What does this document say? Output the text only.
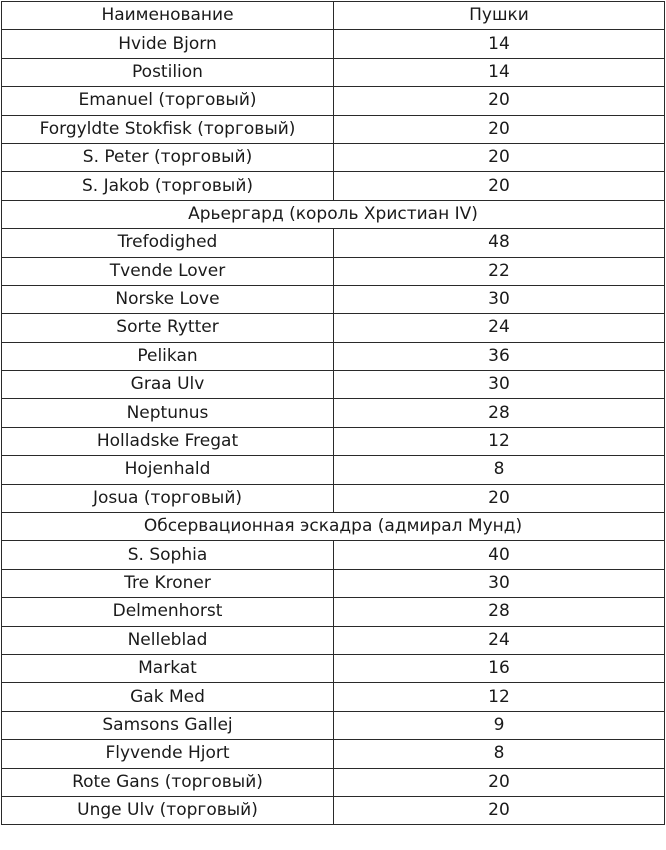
Наименование	Пушки
Hvide Bjorn	14
Postilion	14
Emanuel (торговый)	20
Forgyldte Stokfisk (торговый)	20
S. Peter (торговый)	20
S. Jakob (торговый)	20
Арьергард (король Христиан IV)	
Trefodighed	48
Tvende Lover	22
Norske Love	30
Sorte Rytter	24
Pelikan	36
Graa Ulv	30
Neptunus	28
Holladske Fregat	12
Hojenhald	8
Josua (торговый)	20
Обсервационная эскадра (адмирал Мунд)	
S. Sophia	40
Tre Kroner	30
Delmenhorst	28
Nelleblad	24
Markat	16
Gak Med	12
Samsons Gallej	9
Flyvende Hjort	8
Rote Gans (торговый)	20
Unge Ulv (торговый)	20
